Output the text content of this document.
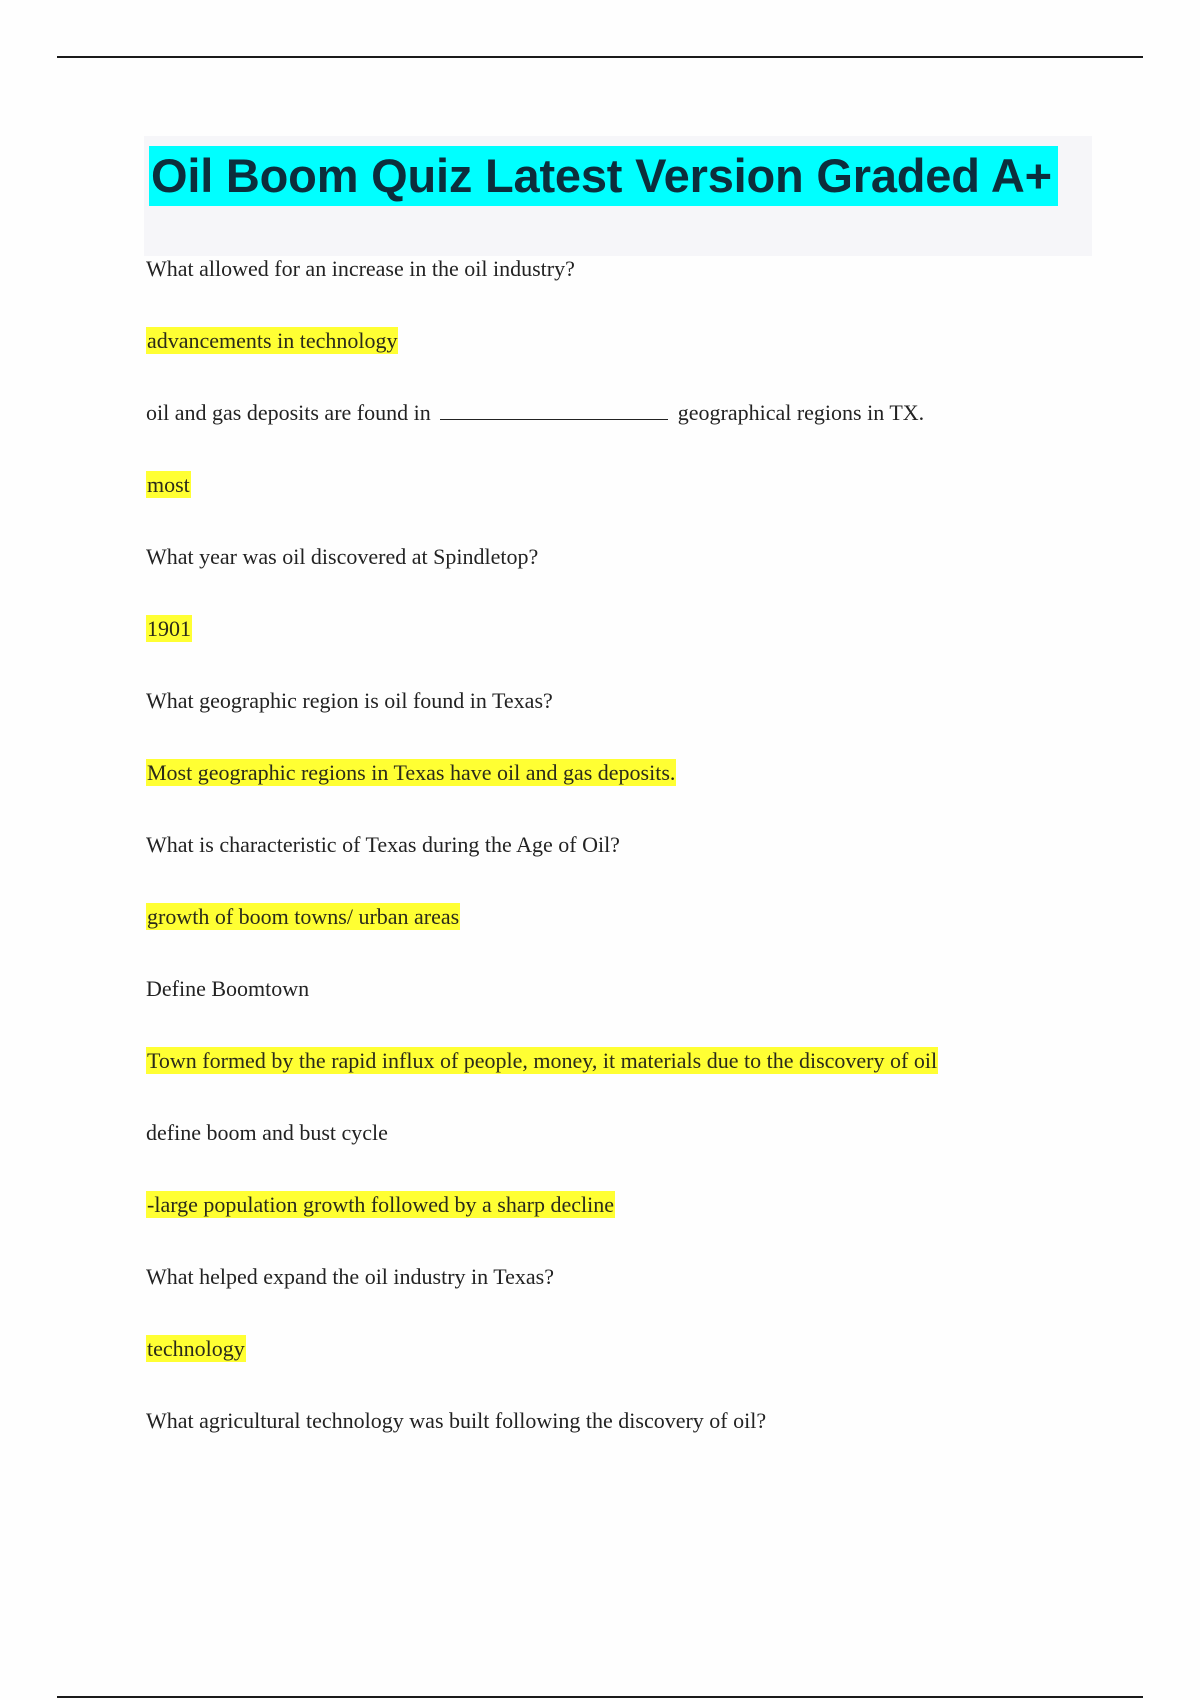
Oil Boom Quiz Latest Version Graded A+
What allowed for an increase in the oil industry?
advancements in technology
oil and gas deposits are found in	geographical regions in TX.
most
What year was oil discovered at Spindletop?
1901
What geographic region is oil found in Texas?
Most geographic regions in Texas have oil and gas deposits.
What is characteristic of Texas during the Age of Oil?
growth of boom towns/ urban areas
Define Boomtown
Town formed by the rapid influx of people, money, it materials due to the discovery of oil
define boom and bust cycle
-large population growth followed by a sharp decline
What helped expand the oil industry in Texas?
technology
What agricultural technology was built following the discovery of oil?
